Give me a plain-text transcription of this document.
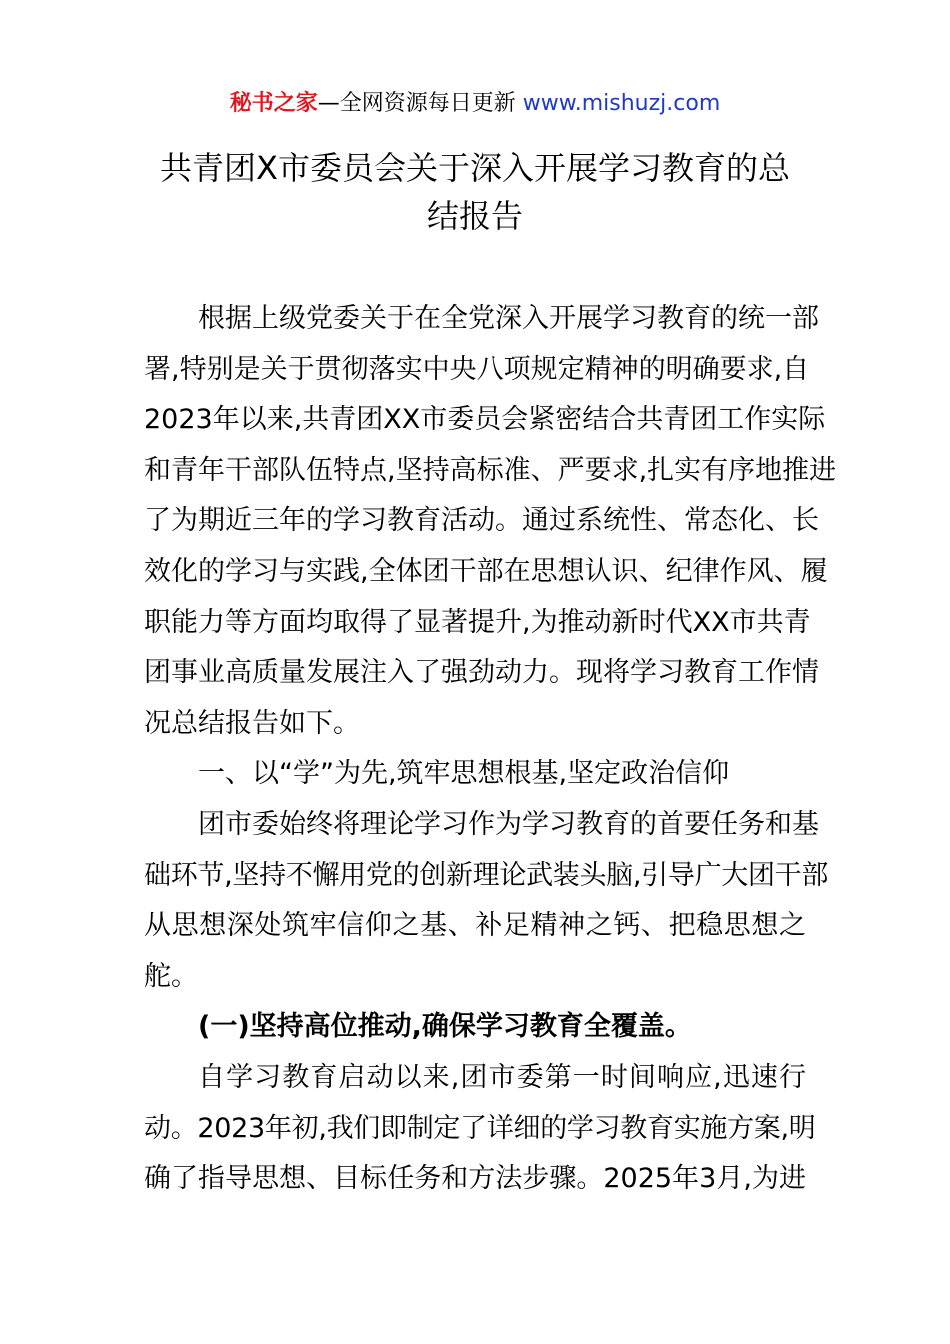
秘书之家—全网资源每日更新 www.mishuzj.com
共青团X市委员会关于深入开展学习教育的总
结报告
根据上级党委关于在全党深入开展学习教育的统一部
署,特别是关于贯彻落实中央八项规定精神的明确要求,自
2023年以来,共青团XX市委员会紧密结合共青团工作实际
和青年干部队伍特点,坚持高标准、严要求,扎实有序地推进
了为期近三年的学习教育活动。通过系统性、常态化、长
效化的学习与实践,全体团干部在思想认识、纪律作风、履
职能力等方面均取得了显著提升,为推动新时代XX市共青
团事业高质量发展注入了强劲动力。现将学习教育工作情
况总结报告如下。
一、以“学”为先,筑牢思想根基,坚定政治信仰
团市委始终将理论学习作为学习教育的首要任务和基
础环节,坚持不懈用党的创新理论武装头脑,引导广大团干部
从思想深处筑牢信仰之基、补足精神之钙、把稳思想之
舵。
(一)坚持高位推动,确保学习教育全覆盖。
自学习教育启动以来,团市委第一时间响应,迅速行
动。2023年初,我们即制定了详细的学习教育实施方案,明
确了指导思想、目标任务和方法步骤。2025年3月,为进
